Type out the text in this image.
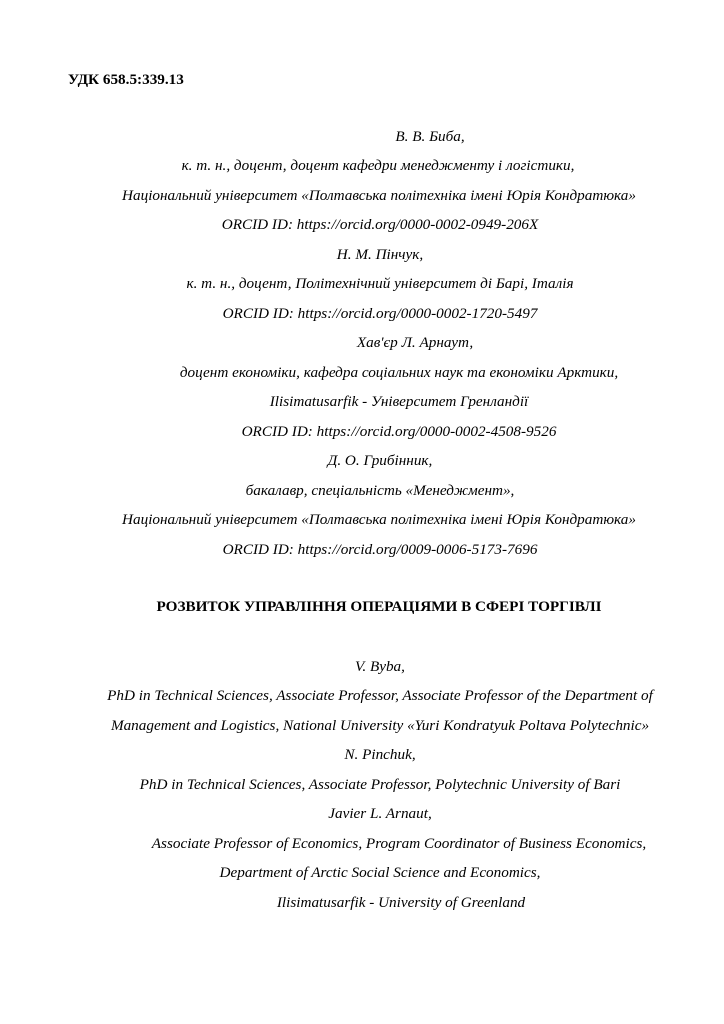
УДК 658.5:339.13
В. В. Биба,
к. т. н., доцент, доцент кафедри менеджменту і логістики,
Національний університет «Полтавська політехніка імені Юрія Кондратюка»
ORCID ID: https://orcid.org/0000-0002-0949-206X
Н. М. Пінчук,
к. т. н., доцент, Політехнічний університет ді Барі, Італія
ORCID ID: https://orcid.org/0000-0002-1720-5497
Хав'єр Л. Арнаут,
доцент економіки, кафедра соціальних наук та економіки Арктики,
Ilisimatusarfik - Університет Гренландії
ORCID ID: https://orcid.org/0000-0002-4508-9526
Д. О. Грибінник,
бакалавр, спеціальність «Менеджмент»,
Національний університет «Полтавська політехніка імені Юрія Кондратюка»
ORCID ID: https://orcid.org/0009-0006-5173-7696
РОЗВИТОК УПРАВЛІННЯ ОПЕРАЦІЯМИ В СФЕРІ ТОРГІВЛІ
V. Byba,
PhD in Technical Sciences, Associate Professor, Associate Professor of the Department of
Management and Logistics, National University «Yuri Kondratyuk Poltava Polytechnic»
N. Pinchuk,
PhD in Technical Sciences, Associate Professor, Polytechnic University of Bari
Javier L. Arnaut,
Associate Professor of Economics, Program Coordinator of Business Economics,
Department of Arctic Social Science and Economics,
Ilisimatusarfik - University of Greenland
